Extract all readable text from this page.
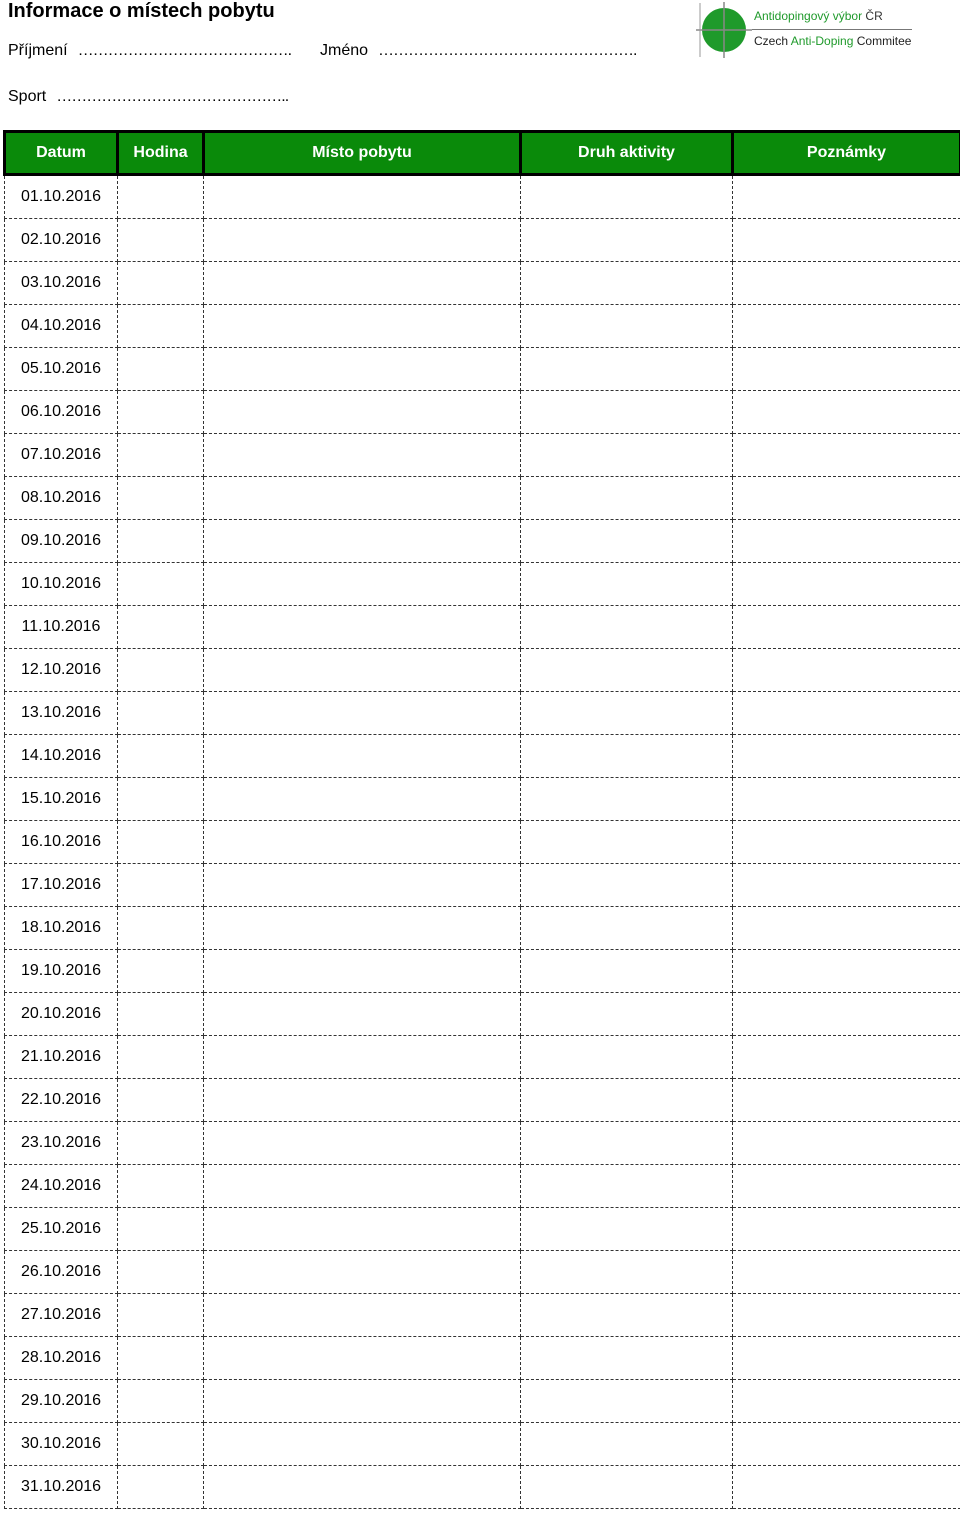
Informace o místech pobytu
Příjmení ……………………………………. Jméno …………………………………………….
Sport ………………………………………..
Antidopingový výbor ČR
Czech Anti-Doping Commitee
Datum	Hodina	Místo pobytu	Druh aktivity	Poznámky
01.10.2016				
02.10.2016				
03.10.2016				
04.10.2016				
05.10.2016				
06.10.2016				
07.10.2016				
08.10.2016				
09.10.2016				
10.10.2016				
11.10.2016				
12.10.2016				
13.10.2016				
14.10.2016				
15.10.2016				
16.10.2016				
17.10.2016				
18.10.2016				
19.10.2016				
20.10.2016				
21.10.2016				
22.10.2016				
23.10.2016				
24.10.2016				
25.10.2016				
26.10.2016				
27.10.2016				
28.10.2016				
29.10.2016				
30.10.2016				
31.10.2016				
